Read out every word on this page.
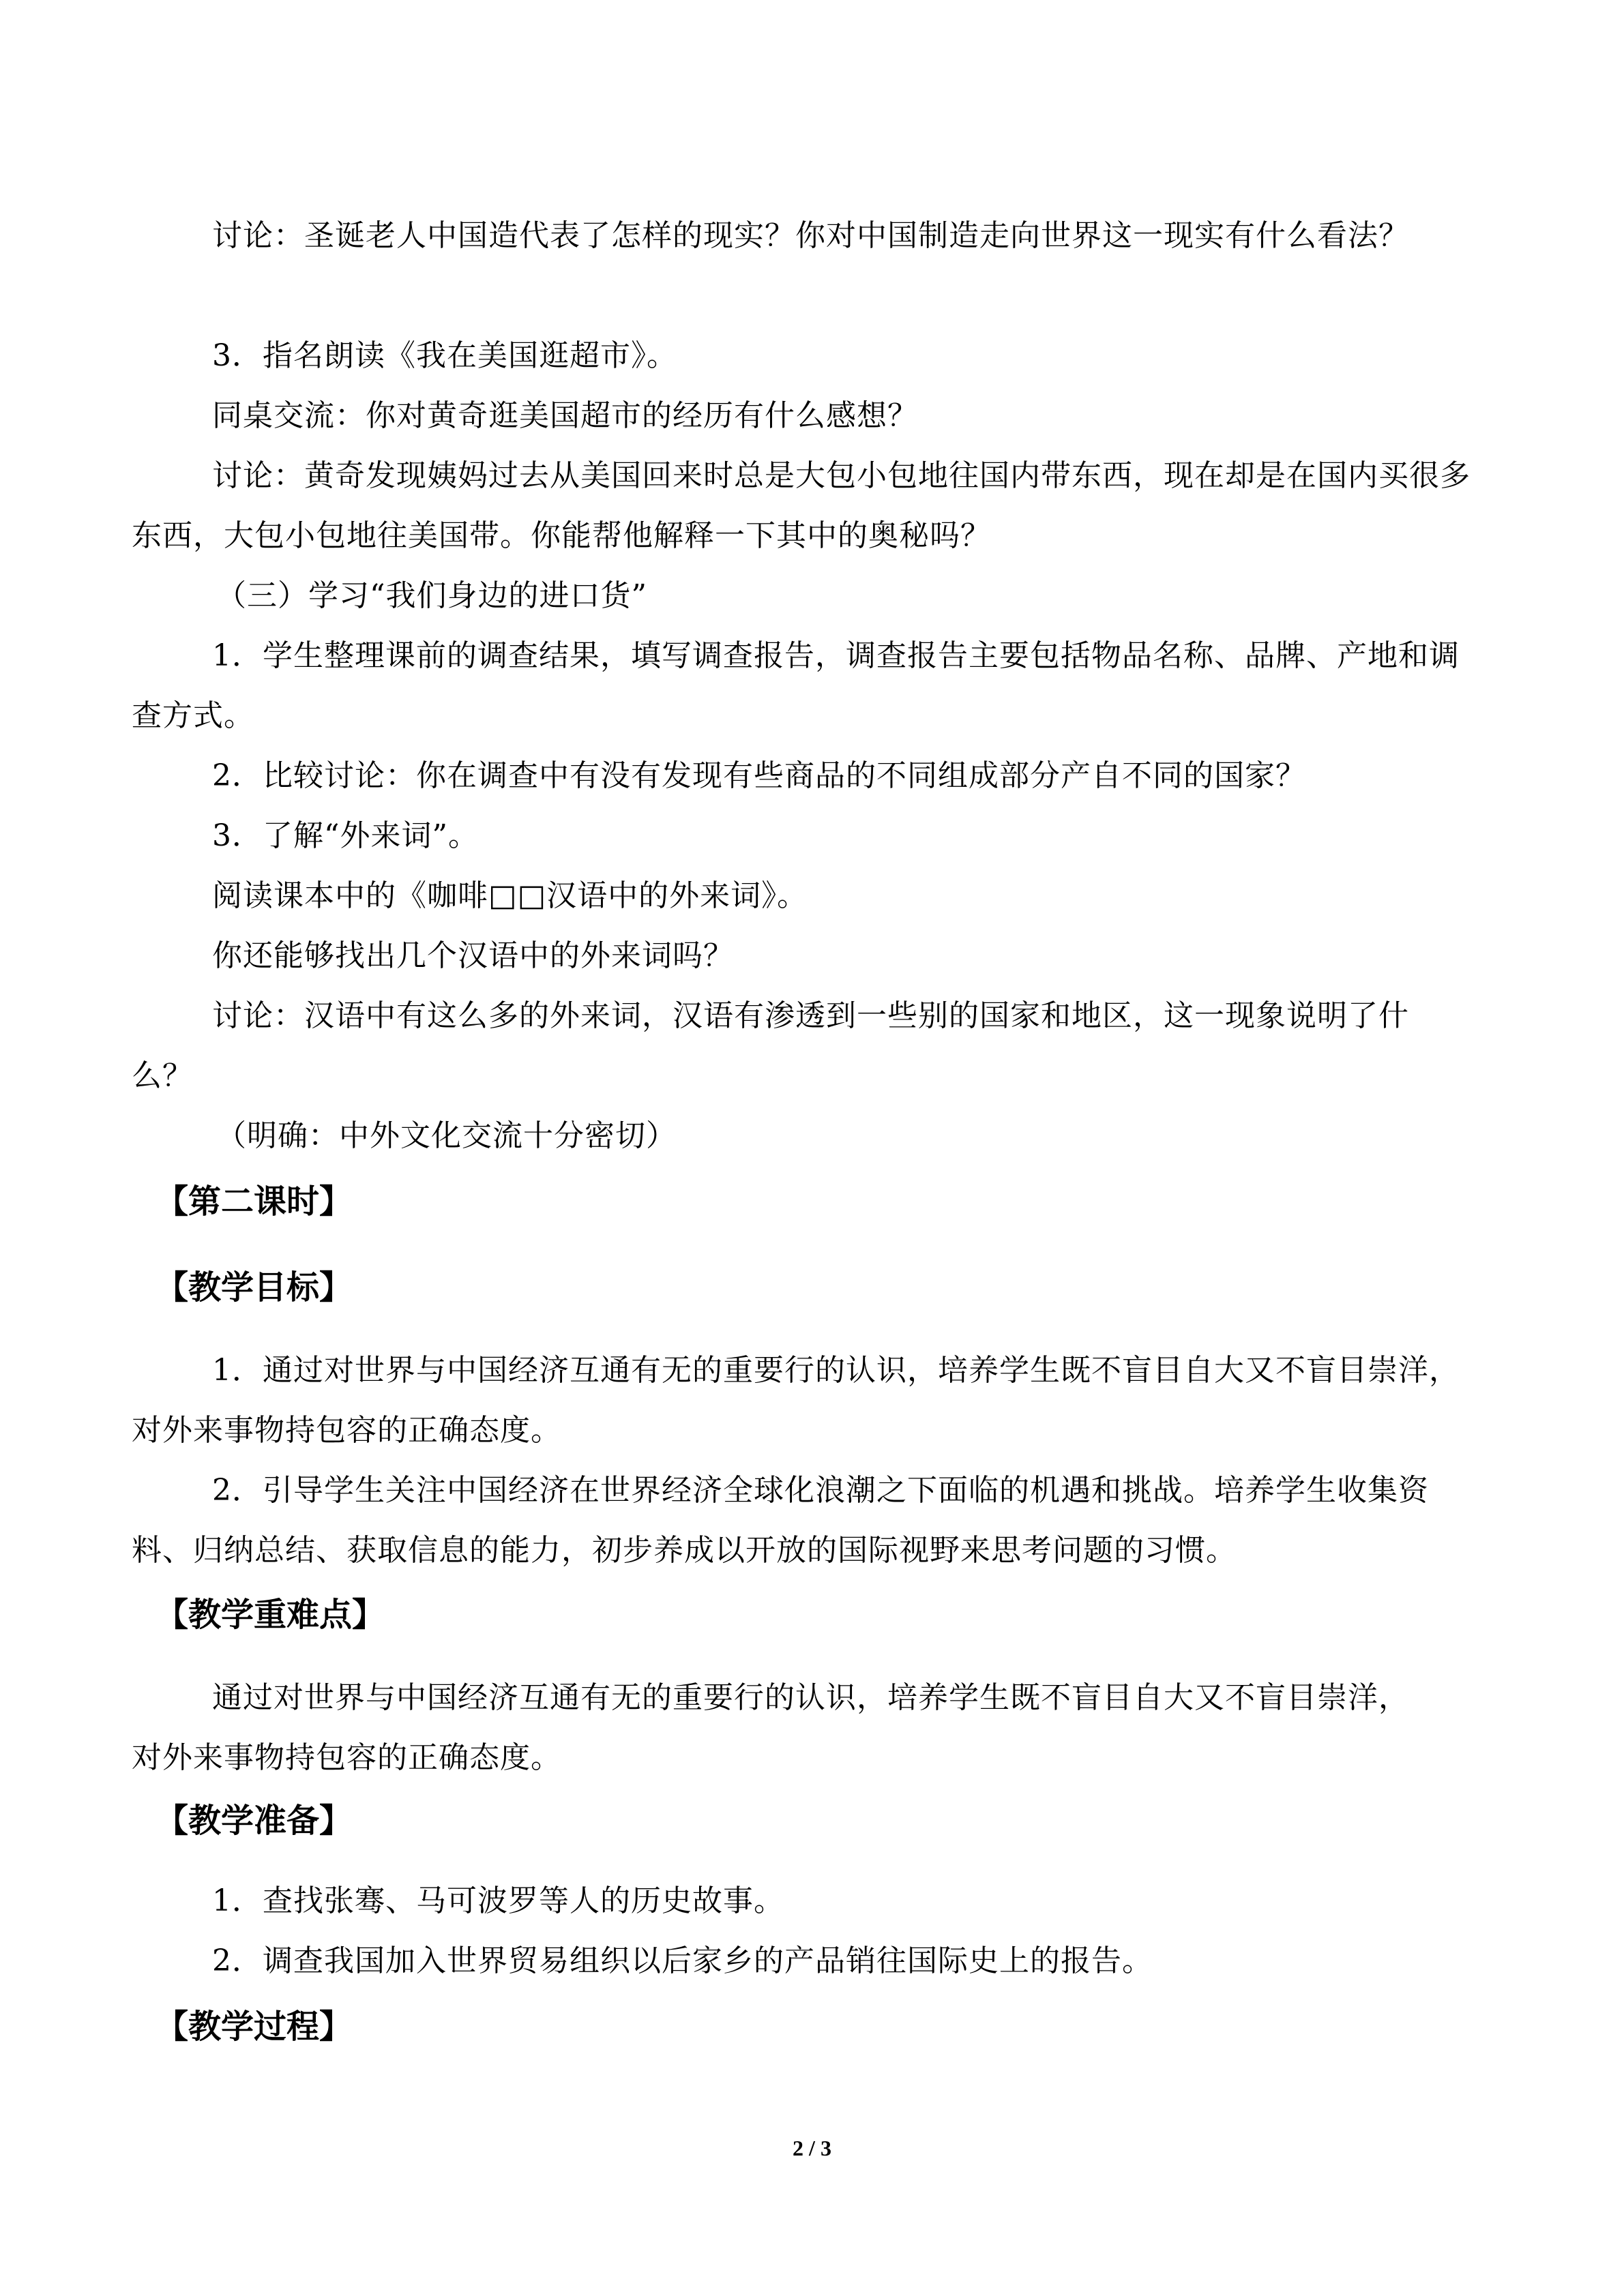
讨论：圣诞老人中国造代表了怎样的现实？你对中国制造走向世界这一现实有什么看法？

3．指名朗读《我在美国逛超市》。

同桌交流：你对黄奇逛美国超市的经历有什么感想？

讨论：黄奇发现姨妈过去从美国回来时总是大包小包地往国内带东西，现在却是在国内买很多东西，大包小包地往美国带。你能帮他解释一下其中的奥秘吗？

（三）学习“我们身边的进口货”

1．学生整理课前的调查结果，填写调查报告，调查报告主要包括物品名称、品牌、产地和调查方式。

2．比较讨论：你在调查中有没有发现有些商品的不同组成部分产自不同的国家？

3．了解“外来词”。

阅读课本中的《咖啡□□汉语中的外来词》。

你还能够找出几个汉语中的外来词吗？

讨论：汉语中有这么多的外来词，汉语有渗透到一些别的国家和地区，这一现象说明了什么？

（明确：中外文化交流十分密切）

【第二课时】
【教学目标】

1．通过对世界与中国经济互通有无的重要行的认识，培养学生既不盲目自大又不盲目崇洋，对外来事物持包容的正确态度。

2．引导学生关注中国经济在世界经济全球化浪潮之下面临的机遇和挑战。培养学生收集资料、归纳总结、获取信息的能力，初步养成以开放的国际视野来思考问题的习惯。

【教学重难点】

通过对世界与中国经济互通有无的重要行的认识，培养学生既不盲目自大又不盲目崇洋，对外来事物持包容的正确态度。

【教学准备】

1．查找张骞、马可波罗等人的历史故事。

2．调查我国加入世界贸易组织以后家乡的产品销往国际史上的报告。

【教学过程】
2 / 3
